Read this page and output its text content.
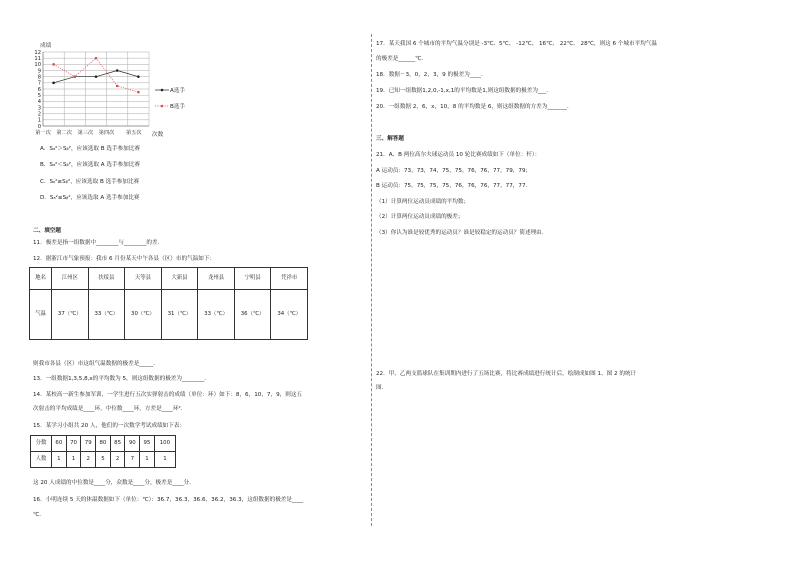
成绩
0
1
2
3
4
5
6
7
8
9
10
11
12
第一次 第二次 第三次 第四次 第五次 次数
A选手
B选手
A．Sₐ²＞Sᵦ²，应该选取 B 选手参加比赛
B．Sₐ²＜Sᵦ²，应该选取 A 选手参加比赛
C．Sₐ²≥Sᵦ²，应该选取 B 选手参加比赛
D．Sₐ²≤Sᵦ²，应该选取 A 选手参加比赛
二、填空题
11．极差是指一组数据中________与________的差．
12．据浙江市气象预报：我市 6 月份某天中午各县（区）市的气温如下：
地名	江州区	扶绥县	天等县	大新县	龙州县	宁明县	凭祥市
气温	37（℃）	33（℃）	30（℃）	31（℃）	33（℃）	36（℃）	34（℃）
则我市各县（区）市这组气温数据的极差是_____．
13．一组数据1,3,5,8,x的平均数为 5，则这组数据的极差为________．
14．某校高一新生参加军训，一学生进行五次实弹射击的成绩（单位：环）如下：8，6，10，7，9，则这五
次射击的平均成绩是____环，中位数____环，方差是____环²．
15．某学习小组共 20 人，他们的一次数学考试成绩如下表：
分数	60	70	79	80	85	90	95	100
人数	1	1	2	5	2	7	1	1
这 20 人成绩的中位数是____分，众数是____分，极差是____分．
16．小明连续 5 天的体温数据如下（单位：℃）：36.7，36.3，36.6，36.2，36.3，这组数据的极差是____
℃．
17．某天我国 6 个城市的平均气温分别是 -3℃、5℃、 -12℃、 16℃、 22℃、 28℃，则这 6 个城市平均气温
的极差是______℃．
18．数据－3，0，2，3，9 的极差为____．
19．已知一组数据1,2,0,-1,x,1的平均数是1,则这组数据的极差为___．
20．一组数据 2，6，x，10，8 的平均数是 6，则这组数据的方差为_______．
三、解答题
21．A、B 两位高尔夫球运动员 10 轮比赛成绩如下（单位：杆）：
A 运动员：73，73，74，75，75，76，76，77，79，79；
B 运动员：75，75，75，75，76，76，76，77，77，77．
（1）计算两位运动员成绩的平均数；
（2）计算两位运动员成绩的极差；
（3）你认为谁是较优秀的运动员？谁是较稳定的运动员？简述理由．
22．甲、乙两支篮球队在集训期内进行了五场比赛，将比赛成绩进行统计后，绘制成如图 1、图 2 的统计
图．
